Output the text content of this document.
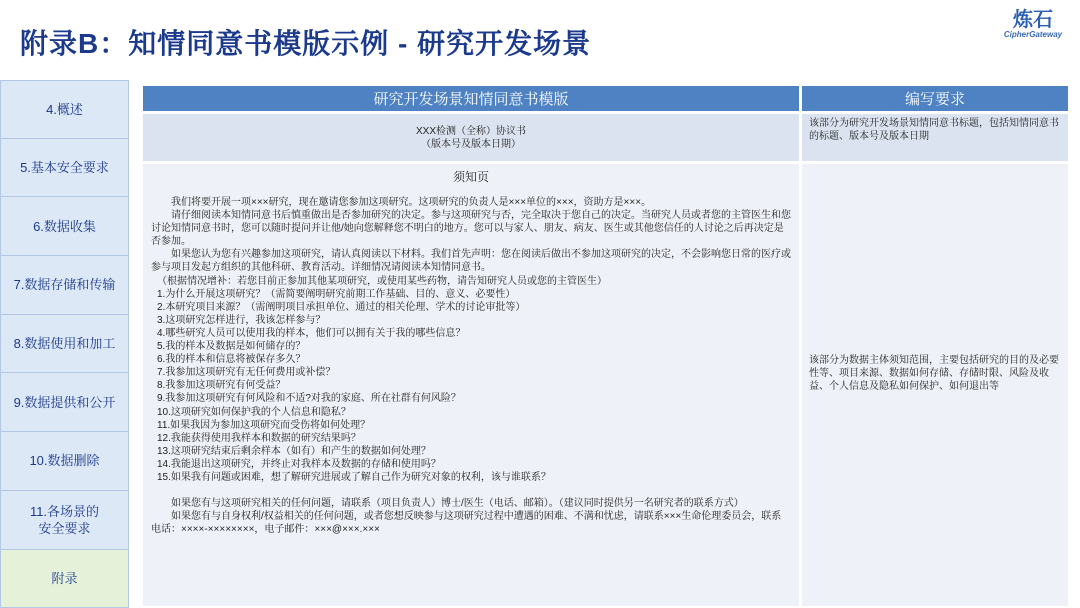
附录B：知情同意书模版示例 - 研究开发场景
炼石
CipherGateway
4.概述
5.基本安全要求
6.数据收集
7.数据存储和传输
8.数据使用和加工
9.数据提供和公开
10.数据删除
11.各场景的
安全要求
附录
研究开发场景知情同意书模版	编写要求
XXX检测（全称）协议书
（版本号及版本日期）
该部分为研究开发场景知情同意书标题，包括知情同意书的标题、版本号及版本日期
须知页
我们将要开展一项×××研究，现在邀请您参加这项研究。这项研究的负责人是×××单位的×××，资助方是×××。
请仔细阅读本知情同意书后慎重做出是否参加研究的决定。参与这项研究与否，完全取决于您自己的决定。当研究人员或者您的主管医生和您讨论知情同意书时，您可以随时提问并让他/她向您解释您不明白的地方。您可以与家人、朋友、病友、医生或其他您信任的人讨论之后再决定是否参加。
如果您认为您有兴趣参加这项研究，请认真阅读以下材料。我们首先声明：您在阅读后做出不参加这项研究的决定，不会影响您日常的医疗或参与项目发起方组织的其他科研、教育活动。详细情况请阅读本知情同意书。
（根据情况增补：若您目前正参加其他某项研究，或使用某些药物，请告知研究人员或您的主管医生）
1.为什么开展这项研究？（需简要阐明研究前期工作基础、目的、意义、必要性）
2.本研究项目来源？（需阐明项目承担单位、通过的相关伦理、学术的讨论审批等）
3.这项研究怎样进行，我该怎样参与？
4.哪些研究人员可以使用我的样本，他们可以拥有关于我的哪些信息？
5.我的样本及数据是如何储存的？
6.我的样本和信息将被保存多久？
7.我参加这项研究有无任何费用或补偿？
8.我参加这项研究有何受益？
9.我参加这项研究有何风险和不适?对我的家庭、所在社群有何风险？
10.这项研究如何保护我的个人信息和隐私？
11.如果我因为参加这项研究而受伤将如何处理？
12.我能获得使用我样本和数据的研究结果吗？
13.这项研究结束后剩余样本（如有）和产生的数据如何处理？
14.我能退出这项研究，并终止对我样本及数据的存储和使用吗？
15.如果我有问题或困难，想了解研究进展或了解自己作为研究对象的权利，该与谁联系？
如果您有与这项研究相关的任何问题，请联系（项目负责人）博士/医生（电话、邮箱）。（建议同时提供另一名研究者的联系方式）
如果您有与自身权利/权益相关的任何问题，或者您想反映参与这项研究过程中遭遇的困难、不满和忧虑，请联系×××生命伦理委员会，联系电话：××××-××××××××，电子邮件：×××@×××.×××
该部分为数据主体须知范围，主要包括研究的目的及必要性等、项目来源、数据如何存储、存储时限、风险及收益、个人信息及隐私如何保护、如何退出等
